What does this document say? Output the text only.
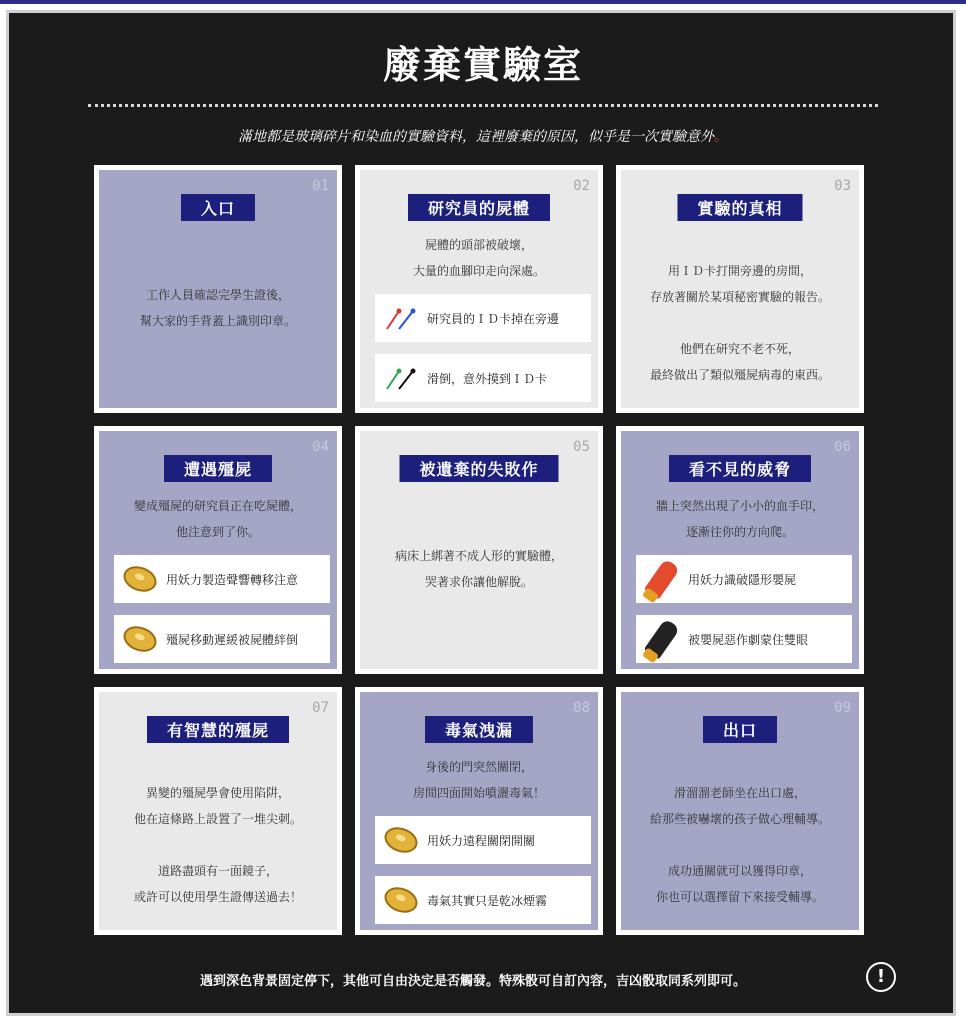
廢棄實驗室
滿地都是玻璃碎片和染血的實驗資料，這裡廢棄的原因，似乎是一次實驗意外。
01
入口
工作人員確認完學生證後，
幫大家的手背蓋上識別印章。
02
研究員的屍體
屍體的頭部被破壞，
大量的血腳印走向深處。
研究員的ＩＤ卡掉在旁邊
滑倒，意外摸到ＩＤ卡
03
實驗的真相
用ＩＤ卡打開旁邊的房間，
存放著關於某項秘密實驗的報告。
他們在研究不老不死，
最終做出了類似殭屍病毒的東西。
04
遭遇殭屍
變成殭屍的研究員正在吃屍體，
他注意到了你。
用妖力製造聲響轉移注意
殭屍移動遲緩被屍體絆倒
05
被遺棄的失敗作
病床上綁著不成人形的實驗體，
哭著求你讓他解脫。
06
看不見的威脅
牆上突然出現了小小的血手印，
逐漸往你的方向爬。
用妖力識破隱形嬰屍
被嬰屍惡作劇蒙住雙眼
07
有智慧的殭屍
異變的殭屍學會使用陷阱，
他在這條路上設置了一堆尖刺。
道路盡頭有一面鏡子，
或許可以使用學生證傳送過去！
08
毒氣洩漏
身後的門突然關閉，
房間四面開始噴灑毒氣！
用妖力遠程關閉開關
毒氣其實只是乾冰煙霧
09
出口
滑溜溜老師坐在出口處，
給那些被嚇壞的孩子做心理輔導。
成功通關就可以獲得印章，
你也可以選擇留下來接受輔導。
遇到深色背景固定停下，其他可自由決定是否觸發。特殊骰可自訂內容，吉凶骰取同系列即可。	!
